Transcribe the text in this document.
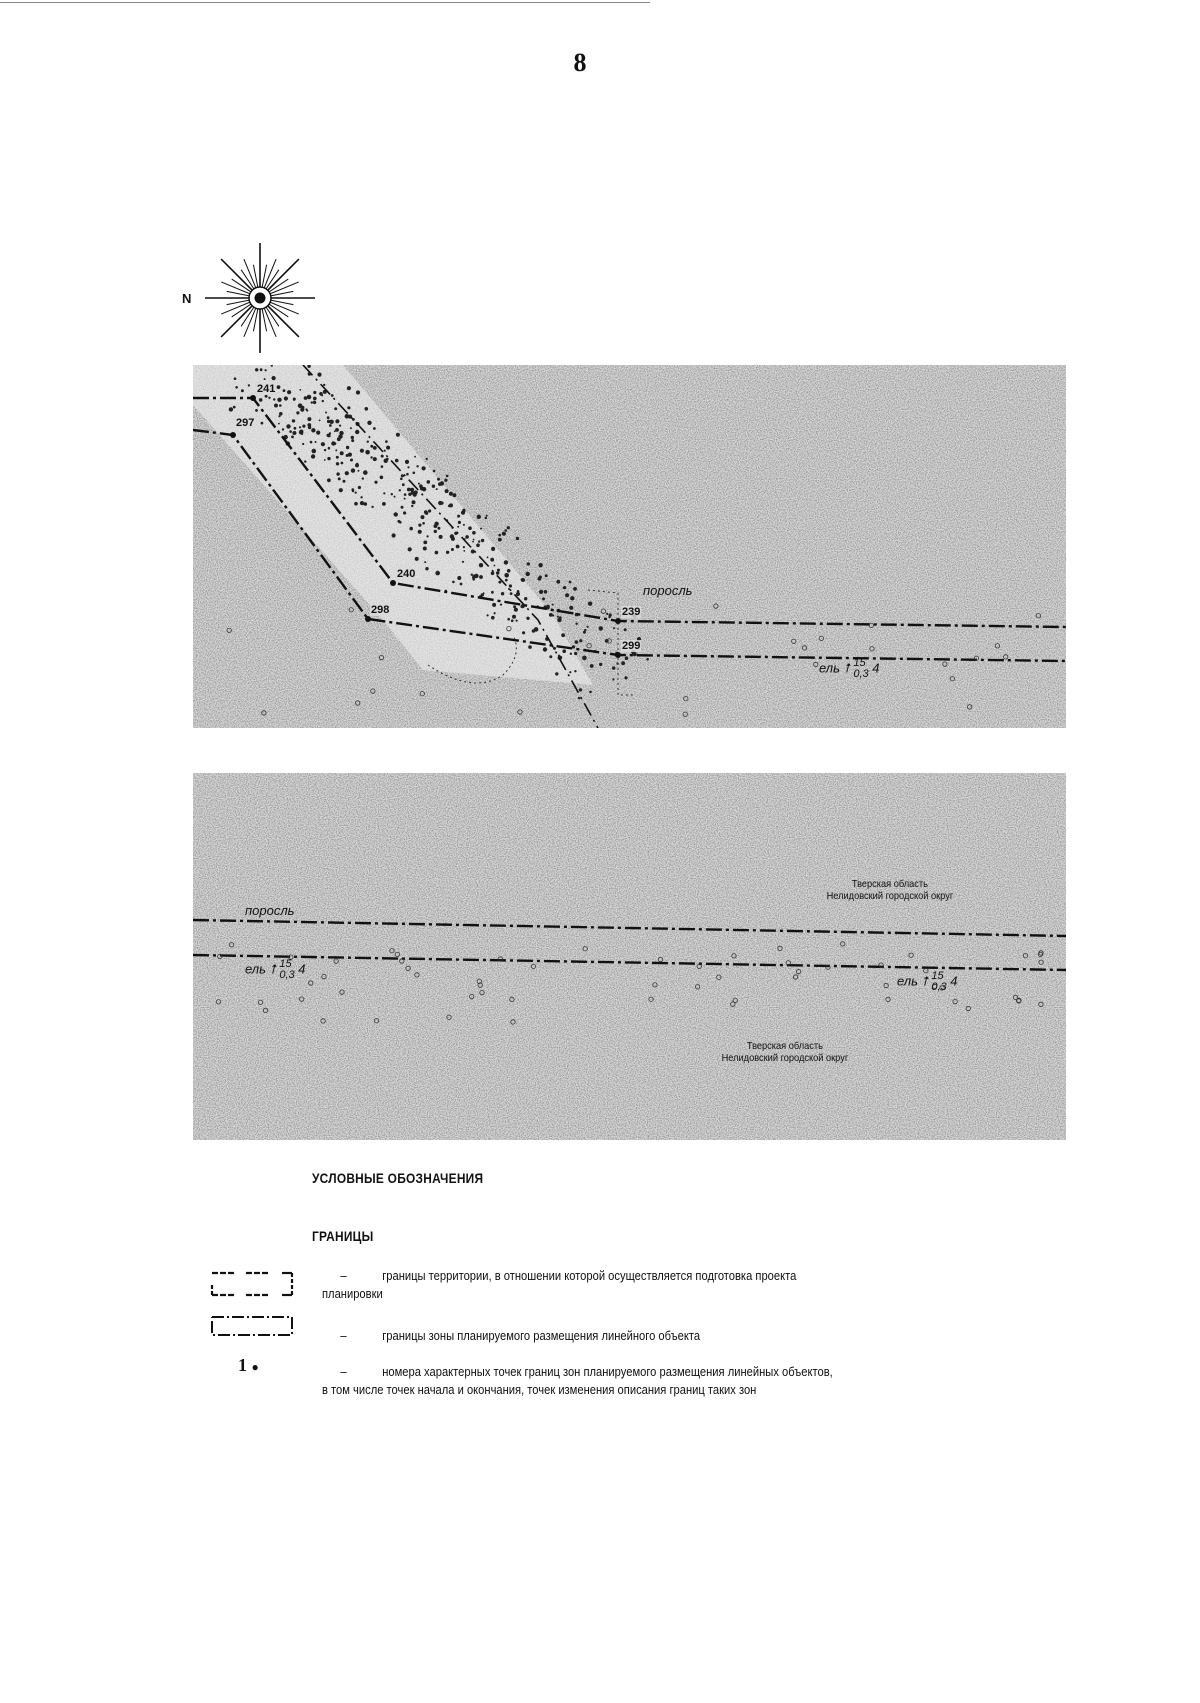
8
N
241
297
240
298	239
299
поросль
ель ⭡ 15
0,3 4
поросль
Тверская область
Нелидовский городской округ
Тверская область
Нелидовский городской округ
ель ⭡ 15
0,3 4
ель ⭡ 15
0,3 4
УСЛОВНЫЕ ОБОЗНАЧЕНИЯ
ГРАНИЦЫ
–	границы территории, в отношении которой осуществляется подготовка проекта
планировки
–	границы зоны планируемого размещения линейного объекта
1 ●	–	номера характерных точек границ зон планируемого размещения линейных объектов,
в том числе точек начала и окончания, точек изменения описания границ таких зон
